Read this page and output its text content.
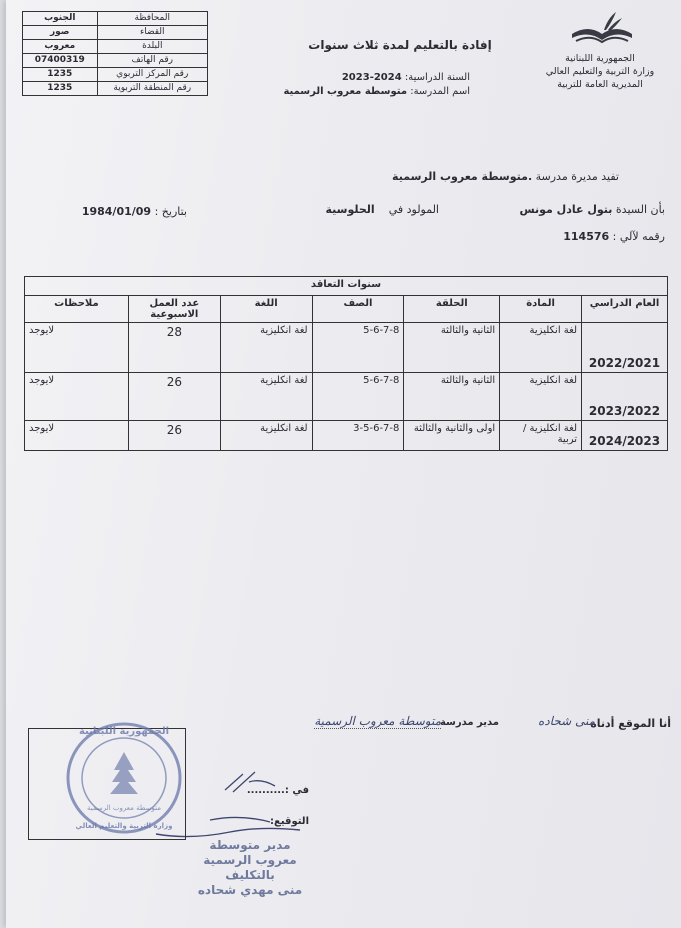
المحافظة	الجنوب
القضاء	صور
البلدة	معروب
رقم الهاتف	07400319
رقم المركز التربوي	1235
رقم المنطقة التربوية	1235
الجمهورية اللبنانية
وزارة التربية والتعليم العالي
المديرية العامة للتربية
إفادة بالتعليم لمدة ثلاث سنوات
السنة الدراسية: 2024-2023
اسم المدرسة: متوسطة معروب الرسمية
تفيد مديرة مدرسة .متوسطة معروب الرسمية
بأن السيدة بتول عادل مونس
المولود في    الحلوسية
بتاريخ : 1984/01/09
رقمه لآلي : 114576
سنوات التعاقد						
العام الدراسي	المادة	الحلقة	الصف	اللغة	عدد العمل الاسبوعية	ملاحظات
2022/2021	لغة انكليزية	الثانية والثالثة	5-6-7-8	لغة انكليزية	28	لايوجد
2023/2022	لغة انكليزية	الثانية والثالثة	5-6-7-8	لغة انكليزية	26	لايوجد
2024/2023	لغة انكليزية / تربية	اولى والثانية والثالثة	3-5-6-7-8	لغة انكليزية	26	لايوجد
أنا الموقع أدناه
منى شحاده
مدير مدرسة
متوسطة معروب الرسمية
في :..........
التوقيع:
الجمهورية اللبنانية
متوسطة معروب الرسمية
وزارة التربية والتعليم العالي
مدير متوسطة
معروب الرسمية بالتكليف
منى مهدي شحاده
